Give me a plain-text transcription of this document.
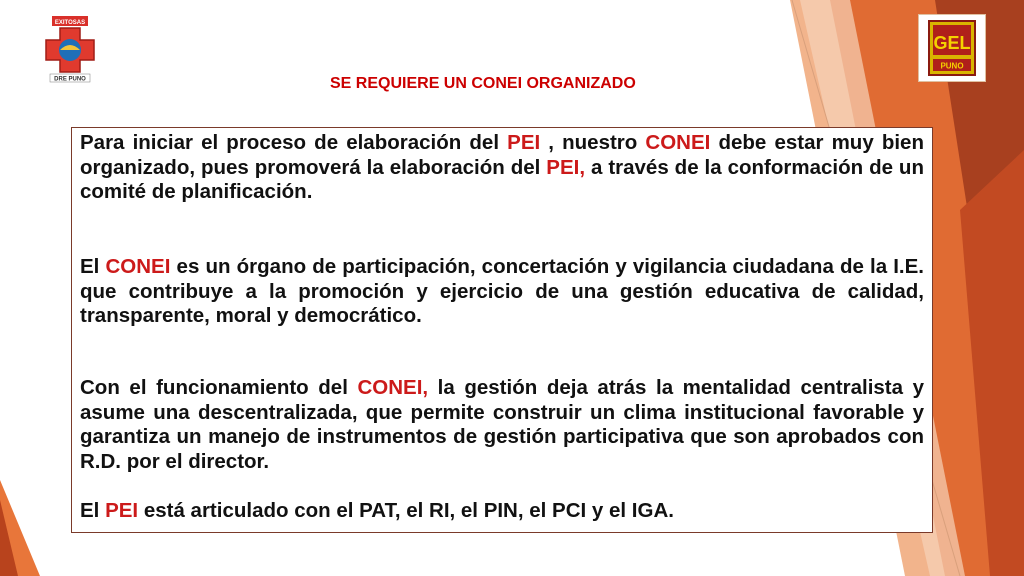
EXITOSAS
DRE PUNO
GEL
PUNO
SE REQUIERE UN CONEI ORGANIZADO

Para iniciar el proceso de elaboración del PEI , nuestro CONEI debe estar muy bien organizado, pues promoverá la elaboración del PEI, a través de la conformación de un comité de planificación.

El CONEI es un órgano de participación, concertación y vigilancia ciudadana de la I.E. que contribuye a la promoción y ejercicio de una gestión educativa de calidad, transparente, moral y democrático.

Con el funcionamiento del CONEI, la gestión deja atrás la mentalidad centralista y asume una descentralizada, que permite construir un clima institucional favorable y garantiza un manejo de instrumentos de gestión participativa que son aprobados con R.D. por el director.

El PEI está articulado con el PAT, el RI, el PIN, el PCI y el IGA.
